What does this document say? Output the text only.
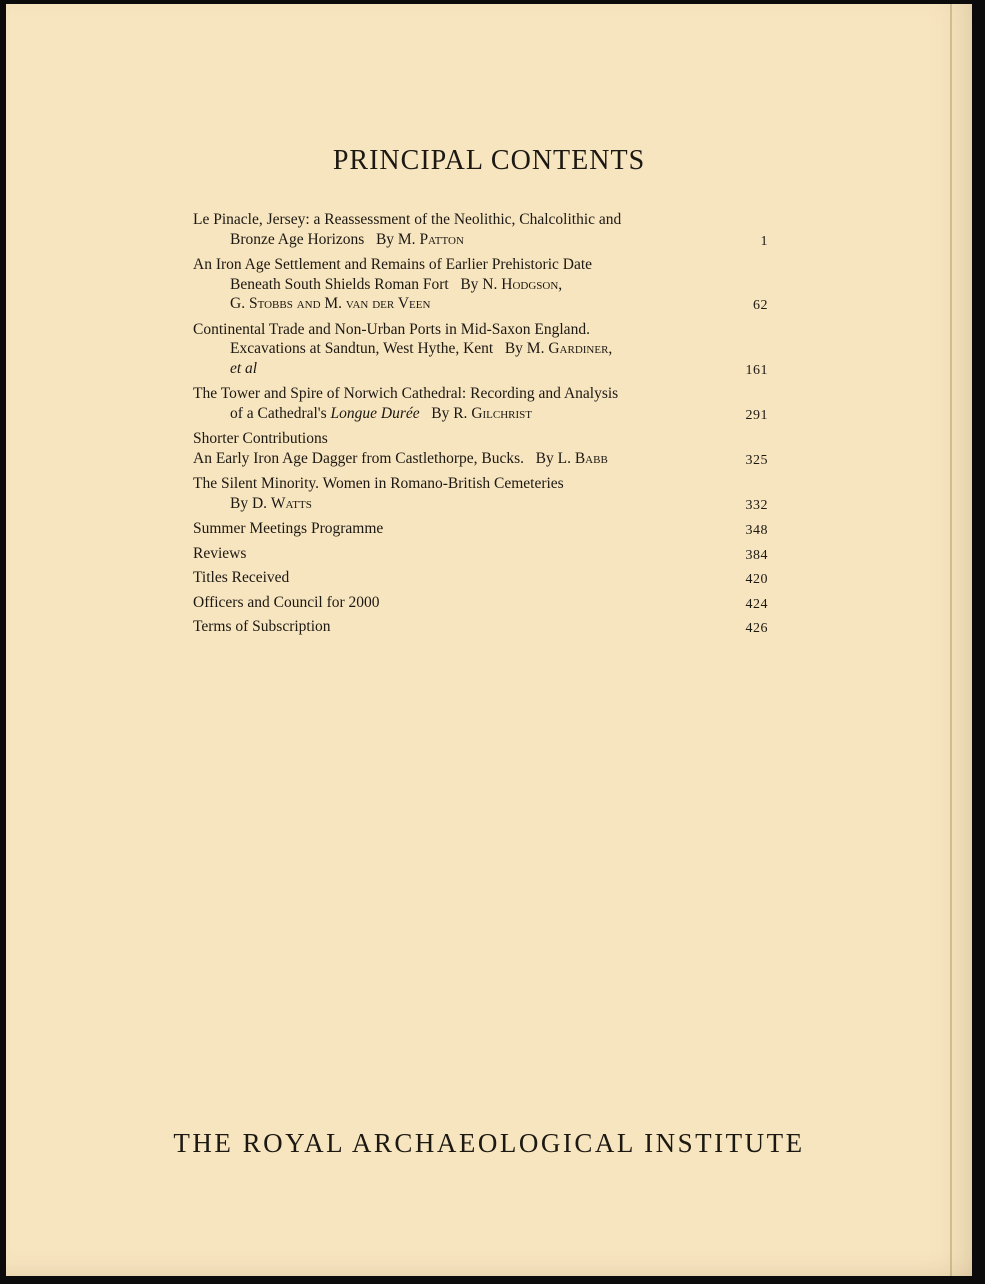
PRINCIPAL CONTENTS
Le Pinacle, Jersey: a Reassessment of the Neolithic, Chalcolithic and
Bronze Age Horizons By M. Patton	1
An Iron Age Settlement and Remains of Earlier Prehistoric Date
Beneath South Shields Roman Fort By N. Hodgson,
G. Stobbs and M. van der Veen	62
Continental Trade and Non-Urban Ports in Mid-Saxon England.
Excavations at Sandtun, West Hythe, Kent By M. Gardiner,
et al	161
The Tower and Spire of Norwich Cathedral: Recording and Analysis
of a Cathedral's Longue Durée By R. Gilchrist	291
Shorter Contributions
An Early Iron Age Dagger from Castlethorpe, Bucks. By L. Babb	325
The Silent Minority. Women in Romano-British Cemeteries
By D. Watts	332
Summer Meetings Programme	348
Reviews	384
Titles Received	420
Officers and Council for 2000	424
Terms of Subscription	426
THE ROYAL ARCHAEOLOGICAL INSTITUTE
